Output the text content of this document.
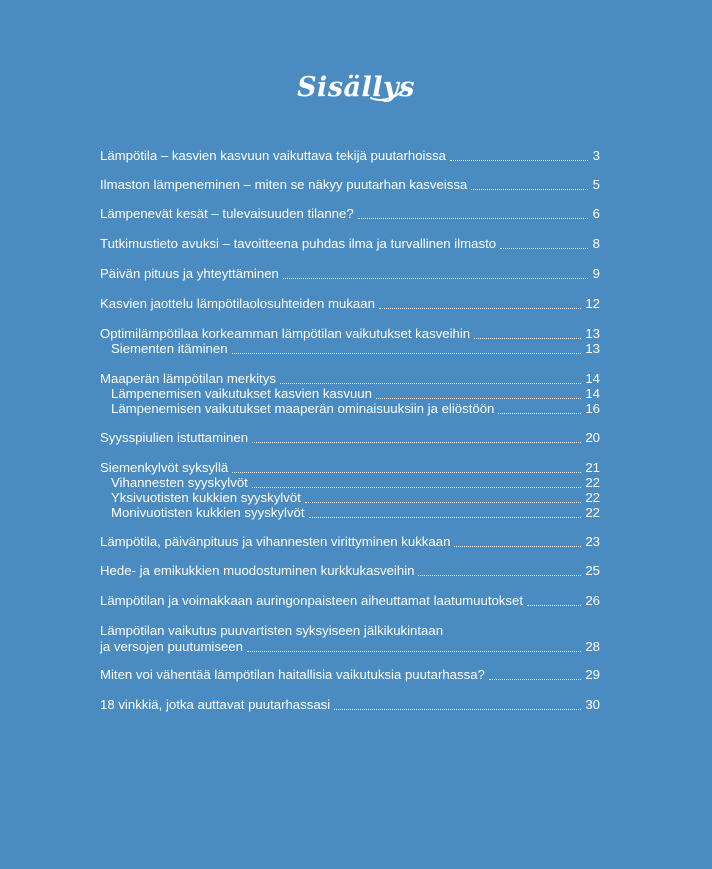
Sisällys
Lämpötila – kasvien kasvuun vaikuttava tekijä puutarhoissa	3
Ilmaston lämpeneminen – miten se näkyy puutarhan kasveissa	5
Lämpenevät kesät – tulevaisuuden tilanne?	6
Tutkimustieto avuksi – tavoitteena puhdas ilma ja turvallinen ilmasto	8
Päivän pituus ja yhteyttäminen	9
Kasvien jaottelu lämpötilaolosuhteiden mukaan	12
Optimilämpötilaa korkeamman lämpötilan vaikutukset kasveihin	13
Siementen itäminen	13
Maaperän lämpötilan merkitys	14
Lämpenemisen vaikutukset kasvien kasvuun	14
Lämpenemisen vaikutukset maaperän ominaisuuksiin ja eliöstöön	16
Syysspiulien istuttaminen	20
Siemenkylvöt syksyllä	21
Vihannesten syyskylvöt	22
Yksivuotisten kukkien syyskylvöt	22
Monivuotisten kukkien syyskylvöt	22
Lämpötila, päivänpituus ja vihannesten virittyminen kukkaan	23
Hede- ja emikukkien muodostuminen kurkkukasveihin	25
Lämpötilan ja voimakkaan auringonpaisteen aiheuttamat laatumuutokset	26
Lämpötilan vaikutus puuvartisten syksyiseen jälkikukintaan
ja versojen puutumiseen	28
Miten voi vähentää lämpötilan haitallisia vaikutuksia puutarhassa?	29
18 vinkkiä, jotka auttavat puutarhassasi	30
